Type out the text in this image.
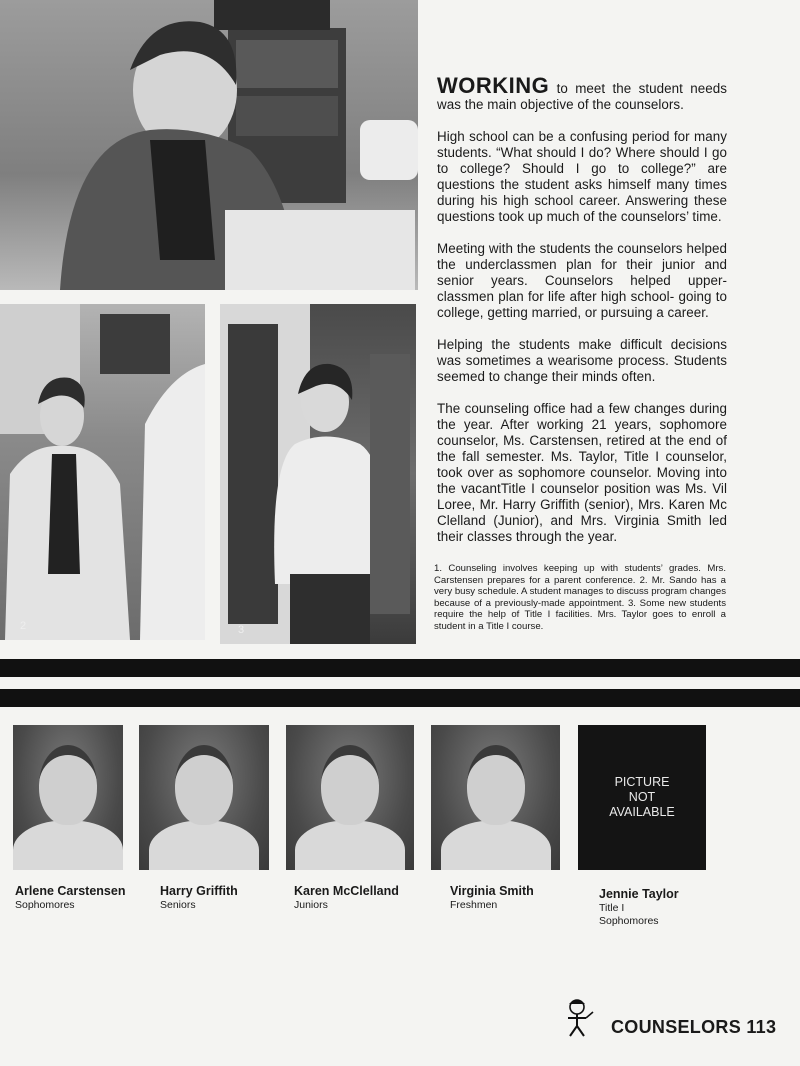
2	3

WORKING to meet the student needs was the main objective of the counselors.

High school can be a confusing period for many students. “What should I do? Where should I go to college? Should I go to college?” are questions the student asks himself many times during his high school career. Answering these questions took up much of the counselors’ time.

Meeting with the students the counselors helped the underclassmen plan for their junior and senior years. Counselors helped upper-classmen plan for life after high school- going to college, getting married, or pursuing a career.

Helping the students make difficult decisions was sometimes a wearisome process. Students seemed to change their minds often.

The counseling office had a few changes during the year. After working 21 years, sophomore counselor, Ms. Carstensen, retired at the end of the fall semester. Ms. Taylor, Title I counselor, took over as sophomore counselor. Moving into the vacantTitle I counselor position was Ms. Vil Loree, Mr. Harry Griffith (senior), Mrs. Karen Mc Clelland (Junior), and Mrs. Virginia Smith led their classes through the year.

1. Counseling involves keeping up with students’ grades. Mrs. Carstensen prepares for a parent conference. 2. Mr. Sando has a very busy schedule. A student manages to discuss program changes because of a previously-made appointment. 3. Some new students require the help of Title I facilities. Mrs. Taylor goes to enroll a student in a Title I course.
PICTURE
NOT
AVAILABLE
Arlene Carstensen
Sophomores
Harry Griffith
Seniors
Karen McClelland
Juniors
Virginia Smith
Freshmen
Jennie Taylor
Title I
Sophomores
COUNSELORS 113
